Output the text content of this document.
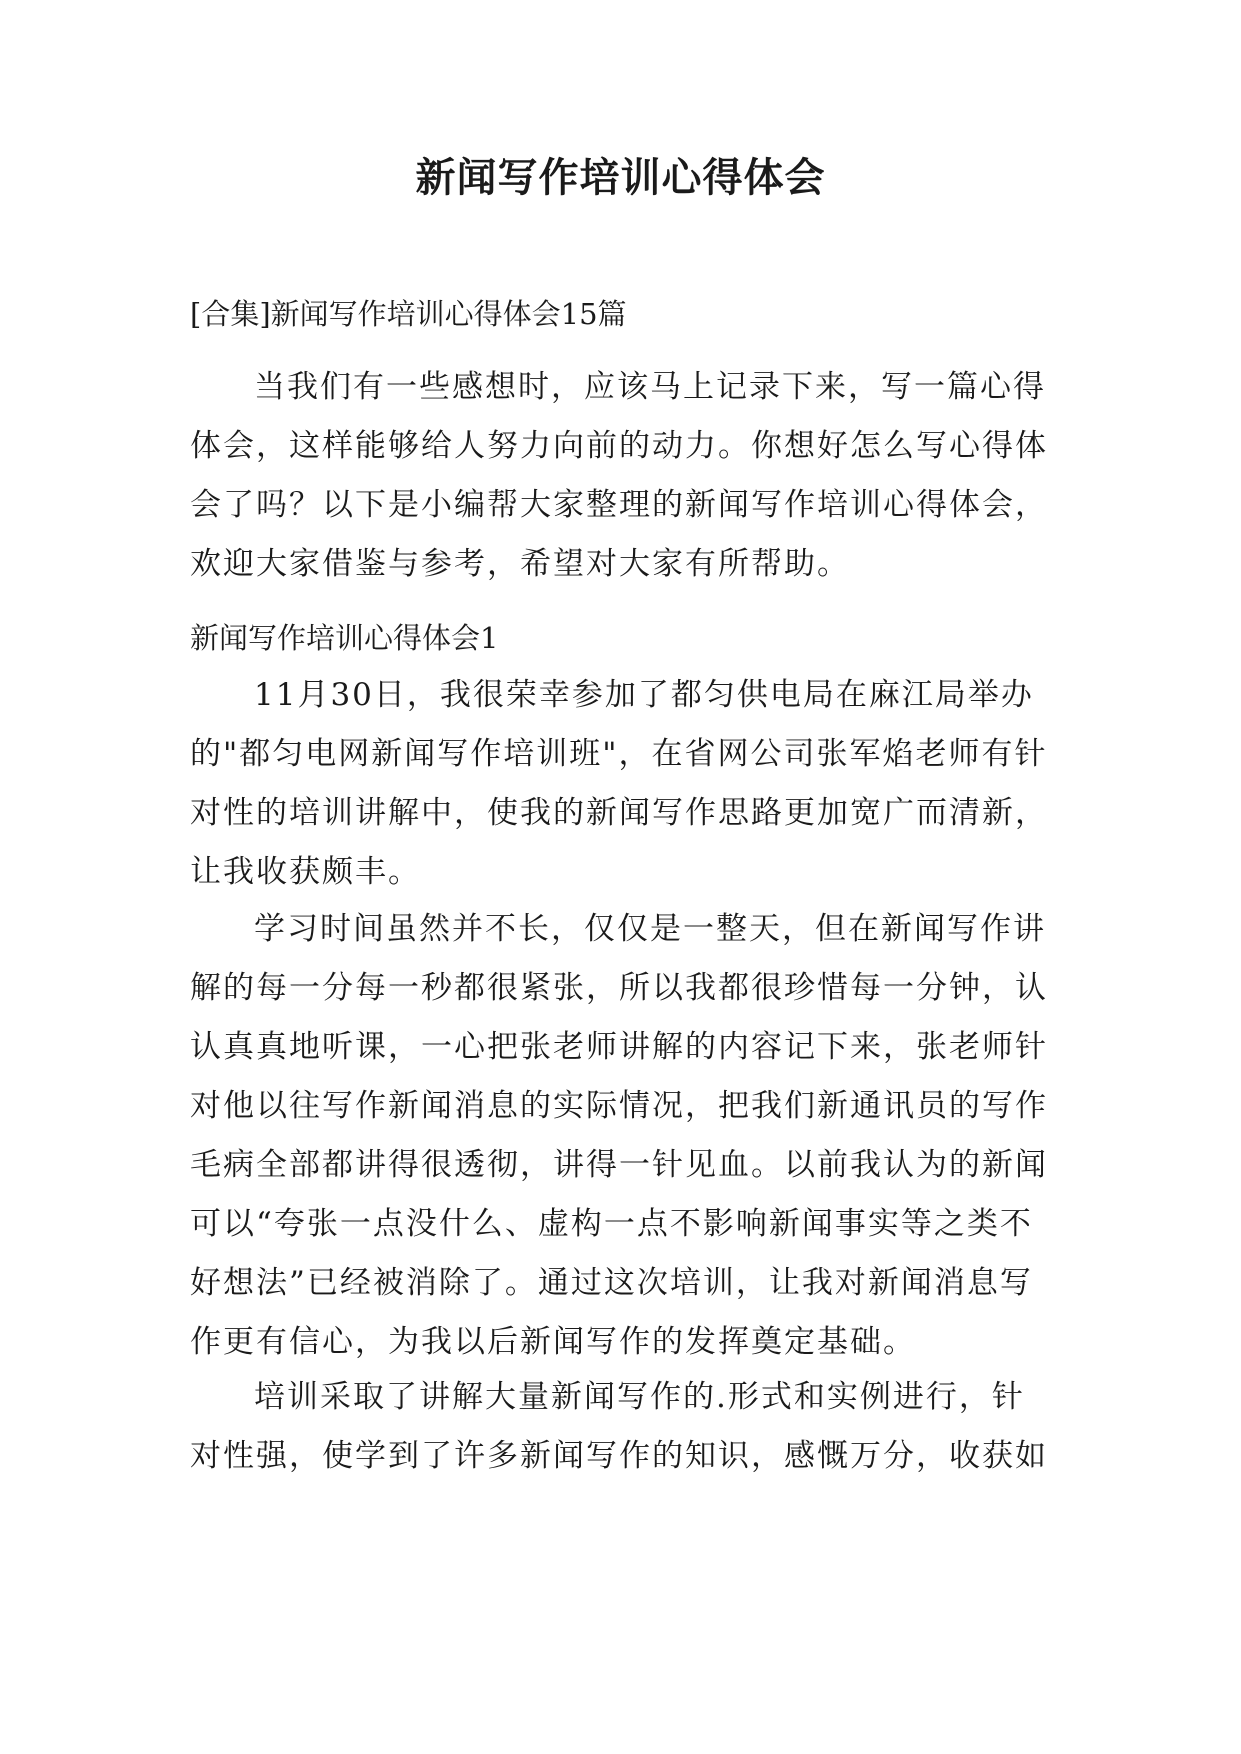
新闻写作培训心得体会

[合集]新闻写作培训心得体会15篇

当我们有一些感想时，应该马上记录下来，写一篇心得
体会，这样能够给人努力向前的动力。你想好怎么写心得体
会了吗？以下是小编帮大家整理的新闻写作培训心得体会，
欢迎大家借鉴与参考，希望对大家有所帮助。

新闻写作培训心得体会1

11月30日，我很荣幸参加了都匀供电局在麻江局举办
的"都匀电网新闻写作培训班"，在省网公司张军焰老师有针
对性的培训讲解中，使我的新闻写作思路更加宽广而清新，
让我收获颇丰。
学习时间虽然并不长，仅仅是一整天，但在新闻写作讲
解的每一分每一秒都很紧张，所以我都很珍惜每一分钟，认
认真真地听课，一心把张老师讲解的内容记下来，张老师针
对他以往写作新闻消息的实际情况，把我们新通讯员的写作
毛病全部都讲得很透彻，讲得一针见血。以前我认为的新闻
可以“夸张一点没什么、虚构一点不影响新闻事实等之类不
好想法”已经被消除了。通过这次培训，让我对新闻消息写
作更有信心，为我以后新闻写作的发挥奠定基础。
培训采取了讲解大量新闻写作的.形式和实例进行，针
对性强，使学到了许多新闻写作的知识，感慨万分，收获如
